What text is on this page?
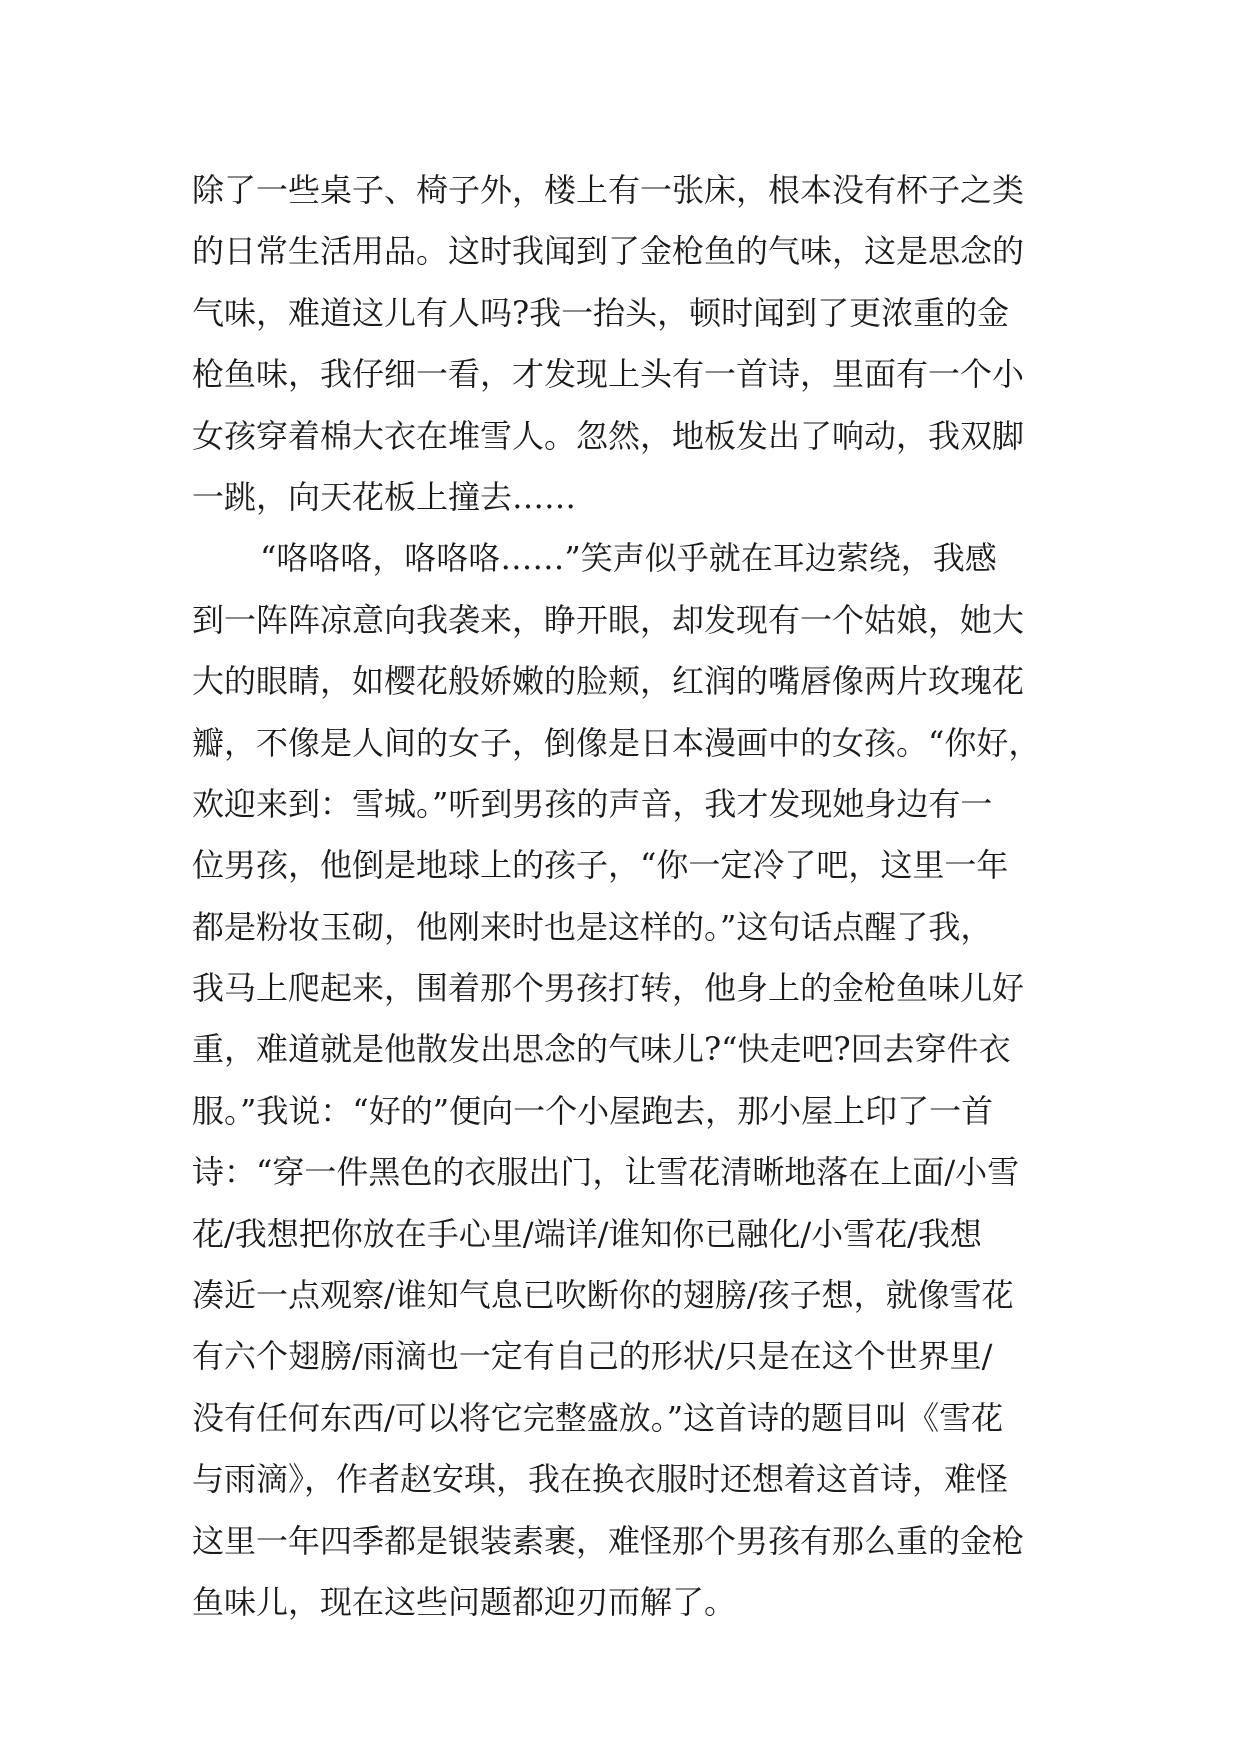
除了一些桌子、椅子外，楼上有一张床，根本没有杯子之类
的日常生活用品。这时我闻到了金枪鱼的气味，这是思念的
气味，难道这儿有人吗?我一抬头，顿时闻到了更浓重的金
枪鱼味，我仔细一看，才发现上头有一首诗，里面有一个小
女孩穿着棉大衣在堆雪人。忽然，地板发出了响动，我双脚
一跳，向天花板上撞去……
“咯咯咯，咯咯咯……”笑声似乎就在耳边萦绕，我感
到一阵阵凉意向我袭来，睁开眼，却发现有一个姑娘，她大
大的眼睛，如樱花般娇嫩的脸颊，红润的嘴唇像两片玫瑰花
瓣，不像是人间的女子，倒像是日本漫画中的女孩。“你好，
欢迎来到：雪城。”听到男孩的声音，我才发现她身边有一
位男孩，他倒是地球上的孩子，“你一定冷了吧，这里一年
都是粉妆玉砌，他刚来时也是这样的。”这句话点醒了我，
我马上爬起来，围着那个男孩打转，他身上的金枪鱼味儿好
重，难道就是他散发出思念的气味儿?“快走吧?回去穿件衣
服。”我说：“好的”便向一个小屋跑去，那小屋上印了一首
诗：“穿一件黑色的衣服出门，让雪花清晰地落在上面/小雪
花/我想把你放在手心里/端详/谁知你已融化/小雪花/我想
凑近一点观察/谁知气息已吹断你的翅膀/孩子想，就像雪花
有六个翅膀/雨滴也一定有自己的形状/只是在这个世界里/
没有任何东西/可以将它完整盛放。”这首诗的题目叫《雪花
与雨滴》，作者赵安琪，我在换衣服时还想着这首诗，难怪
这里一年四季都是银装素裹，难怪那个男孩有那么重的金枪
鱼味儿，现在这些问题都迎刃而解了。
